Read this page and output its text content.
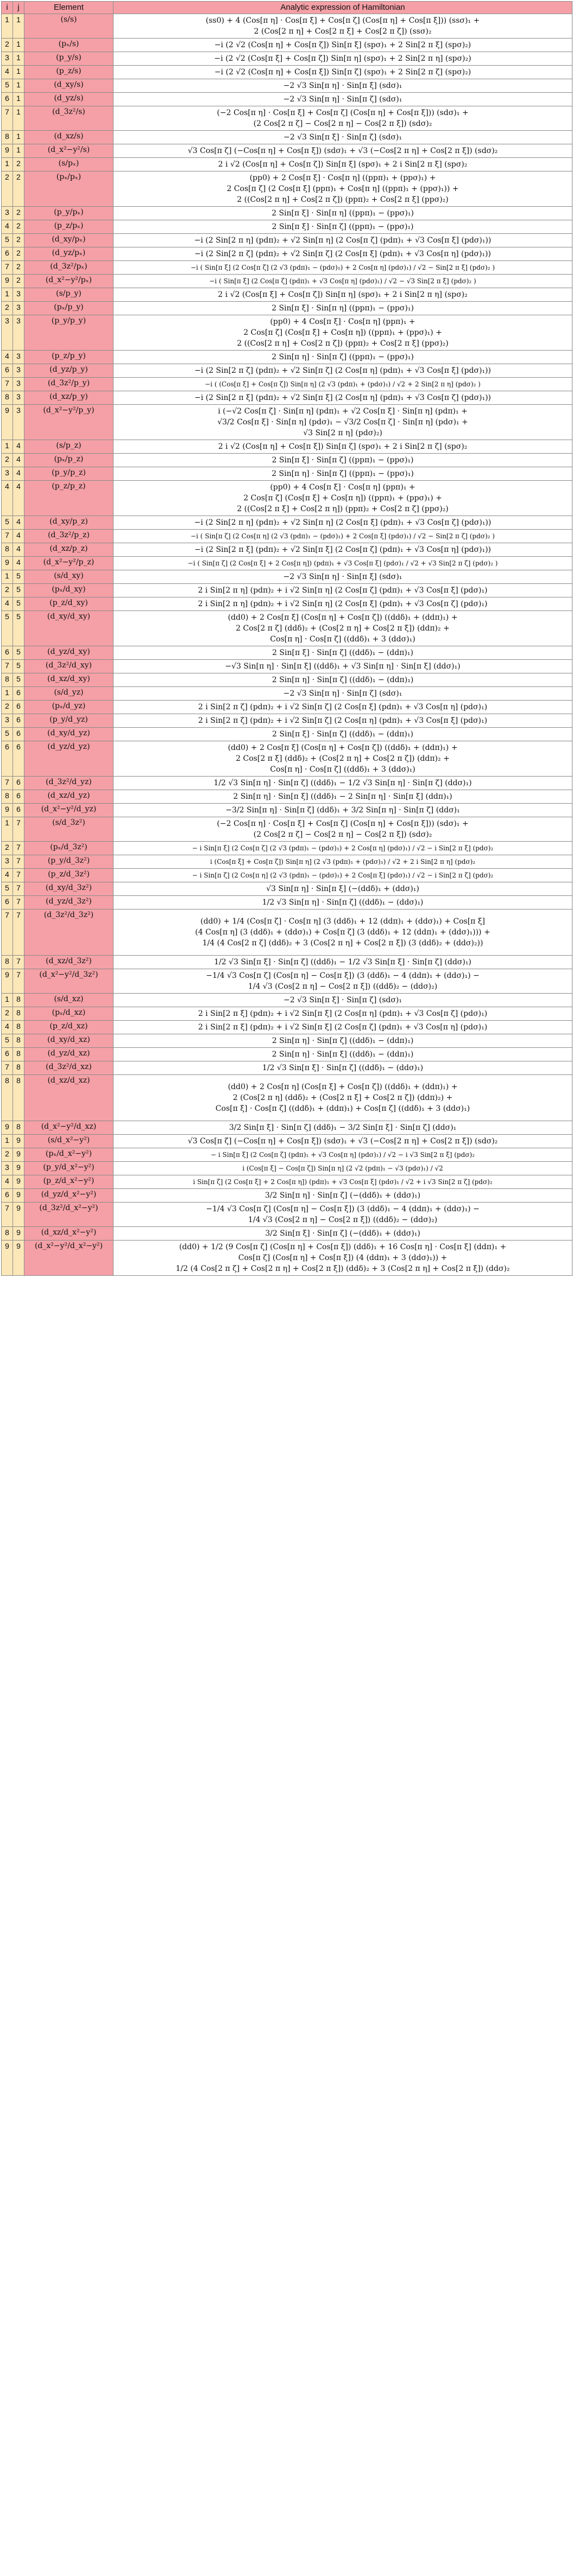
i	j	Element	Analytic expression of Hamiltonian
1	1	(s/s)	(ss0) + 4 (Cos[π η] · Cos[π ξ] + Cos[π ζ] (Cos[π η] + Cos[π ξ])) (ssσ)₁ +
2 (Cos[2 π η] + Cos[2 π ξ] + Cos[2 π ζ]) (ssσ)₂
2	1	(pₓ/s)	−i (2 √2 (Cos[π η] + Cos[π ζ]) Sin[π ξ] (spσ)₁ + 2 Sin[2 π ξ] (spσ)₂)
3	1	(p_y/s)	−i (2 √2 (Cos[π ξ] + Cos[π ζ]) Sin[π η] (spσ)₁ + 2 Sin[2 π η] (spσ)₂)
4	1	(p_z/s)	−i (2 √2 (Cos[π η] + Cos[π ξ]) Sin[π ζ] (spσ)₁ + 2 Sin[2 π ζ] (spσ)₂)
5	1	(d_xy/s)	−2 √3 Sin[π η] · Sin[π ξ] (sdσ)₁
6	1	(d_yz/s)	−2 √3 Sin[π η] · Sin[π ζ] (sdσ)₁
7	1	(d_3z²/s)	(−2 Cos[π η] · Cos[π ξ] + Cos[π ζ] (Cos[π η] + Cos[π ξ])) (sdσ)₁ +
(2 Cos[2 π ζ] − Cos[2 π η] − Cos[2 π ξ]) (sdσ)₂
8	1	(d_xz/s)	−2 √3 Sin[π ξ] · Sin[π ζ] (sdσ)₁
9	1	(d_x²−y²/s)	√3 Cos[π ζ] (−Cos[π η] + Cos[π ξ]) (sdσ)₁ + √3 (−Cos[2 π η] + Cos[2 π ξ]) (sdσ)₂
1	2	(s/pₓ)	2 i √2 (Cos[π η] + Cos[π ζ]) Sin[π ξ] (spσ)₁ + 2 i Sin[2 π ξ] (spσ)₂
2	2	(pₓ/pₓ)	(pp0) + 2 Cos[π ξ] · Cos[π η] ((ppπ)₁ + (ppσ)₁) +
2 Cos[π ζ] (2 Cos[π ξ] (ppπ)₁ + Cos[π η] ((ppπ)₁ + (ppσ)₁)) +
2 ((Cos[2 π η] + Cos[2 π ζ]) (ppπ)₂ + Cos[2 π ξ] (ppσ)₂)
3	2	(p_y/pₓ)	2 Sin[π ξ] · Sin[π η] ((ppπ)₁ − (ppσ)₁)
4	2	(p_z/pₓ)	2 Sin[π ξ] · Sin[π ζ] ((ppπ)₁ − (ppσ)₁)
5	2	(d_xy/pₓ)	−i (2 Sin[2 π η] (pdπ)₂ + √2 Sin[π η] (2 Cos[π ζ] (pdπ)₁ + √3 Cos[π ξ] (pdσ)₁))
6	2	(d_yz/pₓ)	−i (2 Sin[2 π ζ] (pdπ)₂ + √2 Sin[π ζ] (2 Cos[π ξ] (pdπ)₁ + √3 Cos[π η] (pdσ)₁))
7	2	(d_3z²/pₓ)	−i ( Sin[π ξ] (2 Cos[π ζ] (2 √3 (pdπ)₁ − (pdσ)₁) + 2 Cos[π η] (pdσ)₁) / √2 − Sin[2 π ξ] (pdσ)₂ )
9	2	(d_x²−y²/pₓ)	−i ( Sin[π ξ] (2 Cos[π ζ] (pdπ)₁ + √3 Cos[π η] (pdσ)₁) / √2 − √3 Sin[2 π ξ] (pdσ)₂ )
1	3	(s/p_y)	2 i √2 (Cos[π ξ] + Cos[π ζ]) Sin[π η] (spσ)₁ + 2 i Sin[2 π η] (spσ)₂
2	3	(pₓ/p_y)	2 Sin[π ξ] · Sin[π η] ((ppπ)₁ − (ppσ)₁)
3	3	(p_y/p_y)	(pp0) + 4 Cos[π ξ] · Cos[π η] (ppπ)₁ +
2 Cos[π ζ] (Cos[π ξ] + Cos[π η]) ((ppπ)₁ + (ppσ)₁) +
2 ((Cos[2 π η] + Cos[2 π ζ]) (ppπ)₂ + Cos[2 π ξ] (ppσ)₂)
4	3	(p_z/p_y)	2 Sin[π η] · Sin[π ζ] ((ppπ)₁ − (ppσ)₁)
6	3	(d_yz/p_y)	−i (2 Sin[2 π ζ] (pdπ)₂ + √2 Sin[π ζ] (2 Cos[π η] (pdπ)₁ + √3 Cos[π ξ] (pdσ)₁))
7	3	(d_3z²/p_y)	−i ( (Cos[π ξ] + Cos[π ζ]) Sin[π η] (2 √3 (pdπ)₁ + (pdσ)₁) / √2 + 2 Sin[2 π η] (pdσ)₂ )
8	3	(d_xz/p_y)	−i (2 Sin[2 π ξ] (pdπ)₂ + √2 Sin[π ξ] (2 Cos[π η] (pdπ)₁ + √3 Cos[π ζ] (pdσ)₁))
9	3	(d_x²−y²/p_y)	i (−√2 Cos[π ζ] · Sin[π η] (pdπ)₁ + √2 Cos[π ξ] · Sin[π η] (pdπ)₁ +
√3/2 Cos[π ξ] · Sin[π η] (pdσ)₁ − √3/2 Cos[π ζ] · Sin[π η] (pdσ)₁ +
√3 Sin[2 π η] (pdσ)₂)
1	4	(s/p_z)	2 i √2 (Cos[π η] + Cos[π ξ]) Sin[π ζ] (spσ)₁ + 2 i Sin[2 π ζ] (spσ)₂
2	4	(pₓ/p_z)	2 Sin[π ξ] · Sin[π ζ] ((ppπ)₁ − (ppσ)₁)
3	4	(p_y/p_z)	2 Sin[π η] · Sin[π ζ] ((ppπ)₁ − (ppσ)₁)
4	4	(p_z/p_z)	(pp0) + 4 Cos[π ξ] · Cos[π η] (ppπ)₁ +
2 Cos[π ζ] (Cos[π ξ] + Cos[π η]) ((ppπ)₁ + (ppσ)₁) +
2 ((Cos[2 π ξ] + Cos[2 π η]) (ppπ)₂ + Cos[2 π ζ] (ppσ)₂)
5	4	(d_xy/p_z)	−i (2 Sin[2 π η] (pdπ)₂ + √2 Sin[π η] (2 Cos[π ξ] (pdπ)₁ + √3 Cos[π ζ] (pdσ)₁))
7	4	(d_3z²/p_z)	−i ( Sin[π ζ] (2 Cos[π η] (2 √3 (pdπ)₁ − (pdσ)₁) + 2 Cos[π ξ] (pdσ)₁) / √2 − Sin[2 π ζ] (pdσ)₂ )
8	4	(d_xz/p_z)	−i (2 Sin[2 π ξ] (pdπ)₂ + √2 Sin[π ξ] (2 Cos[π ζ] (pdπ)₁ + √3 Cos[π η] (pdσ)₁))
9	4	(d_x²−y²/p_z)	−i ( Sin[π ζ] (2 Cos[π ξ] + 2 Cos[π η]) (pdπ)₁ + √3 Cos[π ξ] (pdσ)₁ / √2 + √3 Sin[2 π ζ] (pdσ)₂ )
1	5	(s/d_xy)	−2 √3 Sin[π η] · Sin[π ξ] (sdσ)₁
2	5	(pₓ/d_xy)	2 i Sin[2 π η] (pdπ)₂ + i √2 Sin[π η] (2 Cos[π ζ] (pdπ)₁ + √3 Cos[π ξ] (pdσ)₁)
4	5	(p_z/d_xy)	2 i Sin[2 π η] (pdπ)₂ + i √2 Sin[π η] (2 Cos[π ξ] (pdπ)₁ + √3 Cos[π ζ] (pdσ)₁)
5	5	(d_xy/d_xy)	(dd0) + 2 Cos[π ξ] (Cos[π η] + Cos[π ζ]) ((ddδ)₁ + (ddπ)₁) +
2 Cos[2 π ζ] (ddδ)₂ + (Cos[2 π η] + Cos[2 π ξ]) (ddπ)₂ +
Cos[π η] · Cos[π ζ] ((ddδ)₁ + 3 (ddσ)₁)
6	5	(d_yz/d_xy)	2 Sin[π ξ] · Sin[π ζ] ((ddδ)₁ − (ddπ)₁)
7	5	(d_3z²/d_xy)	−√3 Sin[π η] · Sin[π ξ] ((ddδ)₁ + √3 Sin[π η] · Sin[π ξ] (ddσ)₁)
8	5	(d_xz/d_xy)	2 Sin[π η] · Sin[π ζ] ((ddδ)₁ − (ddπ)₁)
1	6	(s/d_yz)	−2 √3 Sin[π η] · Sin[π ζ] (sdσ)₁
2	6	(pₓ/d_yz)	2 i Sin[2 π ζ] (pdπ)₂ + i √2 Sin[π ζ] (2 Cos[π ξ] (pdπ)₁ + √3 Cos[π η] (pdσ)₁)
3	6	(p_y/d_yz)	2 i Sin[2 π ζ] (pdπ)₂ + i √2 Sin[π ζ] (2 Cos[π η] (pdπ)₁ + √3 Cos[π ξ] (pdσ)₁)
5	6	(d_xy/d_yz)	2 Sin[π ξ] · Sin[π ζ] ((ddδ)₁ − (ddπ)₁)
6	6	(d_yz/d_yz)	(dd0) + 2 Cos[π ξ] (Cos[π η] + Cos[π ζ]) ((ddδ)₁ + (ddπ)₁) +
2 Cos[2 π ξ] (ddδ)₂ + (Cos[2 π η] + Cos[2 π ζ]) (ddπ)₂ +
Cos[π η] · Cos[π ζ] ((ddδ)₁ + 3 (ddσ)₁)
7	6	(d_3z²/d_yz)	1/2 √3 Sin[π η] · Sin[π ζ] ((ddδ)₁ − 1/2 √3 Sin[π η] · Sin[π ζ] (ddσ)₁)
8	6	(d_xz/d_yz)	2 Sin[π η] · Sin[π ξ] ((ddδ)₁ − 2 Sin[π η] · Sin[π ξ] (ddπ)₁)
9	6	(d_x²−y²/d_yz)	−3/2 Sin[π η] · Sin[π ζ] (ddδ)₁ + 3/2 Sin[π η] · Sin[π ζ] (ddσ)₁
1	7	(s/d_3z²)	(−2 Cos[π η] · Cos[π ξ] + Cos[π ζ] (Cos[π η] + Cos[π ξ])) (sdσ)₁ +
(2 Cos[2 π ζ] − Cos[2 π η] − Cos[2 π ξ]) (sdσ)₂
2	7	(pₓ/d_3z²)	− i Sin[π ξ] (2 Cos[π ζ] (2 √3 (pdπ)₁ − (pdσ)₁) + 2 Cos[π η] (pdσ)₁) / √2 − i Sin[2 π ξ] (pdσ)₂
3	7	(p_y/d_3z²)	i (Cos[π ξ] + Cos[π ζ]) Sin[π η] (2 √3 (pdπ)₁ + (pdσ)₁) / √2 + 2 i Sin[2 π η] (pdσ)₂
4	7	(p_z/d_3z²)	− i Sin[π ζ] (2 Cos[π η] (2 √3 (pdπ)₁ − (pdσ)₁) + 2 Cos[π ξ] (pdσ)₁) / √2 − i Sin[2 π ζ] (pdσ)₂
5	7	(d_xy/d_3z²)	√3 Sin[π η] · Sin[π ξ] (−(ddδ)₁ + (ddσ)₁)
6	7	(d_yz/d_3z²)	1/2 √3 Sin[π η] · Sin[π ζ] ((ddδ)₁ − (ddσ)₁)
7	7	(d_3z²/d_3z²)	(dd0) + 1/4 (Cos[π ζ] · Cos[π η] (3 (ddδ)₁ + 12 (ddπ)₁ + (ddσ)₁) + Cos[π ξ]
(4 Cos[π η] (3 (ddδ)₁ + (ddσ)₁) + Cos[π ζ] (3 (ddδ)₁ + 12 (ddπ)₁ + (ddσ)₁))) +
1/4 (4 Cos[2 π ζ] (ddδ)₂ + 3 (Cos[2 π η] + Cos[2 π ξ]) (3 (ddδ)₂ + (ddσ)₂))
8	7	(d_xz/d_3z²)	1/2 √3 Sin[π ξ] · Sin[π ζ] ((ddδ)₁ − 1/2 √3 Sin[π ξ] · Sin[π ζ] (ddσ)₁)
9	7	(d_x²−y²/d_3z²)	−1/4 √3 Cos[π ζ] (Cos[π η] − Cos[π ξ]) (3 (ddδ)₁ − 4 (ddπ)₁ + (ddσ)₁) −
1/4 √3 (Cos[2 π η] − Cos[2 π ξ]) ((ddδ)₂ − (ddσ)₂)
1	8	(s/d_xz)	−2 √3 Sin[π ξ] · Sin[π ζ] (sdσ)₁
2	8	(pₓ/d_xz)	2 i Sin[2 π ξ] (pdπ)₂ + i √2 Sin[π ξ] (2 Cos[π η] (pdπ)₁ + √3 Cos[π ζ] (pdσ)₁)
4	8	(p_z/d_xz)	2 i Sin[2 π ξ] (pdπ)₂ + i √2 Sin[π ξ] (2 Cos[π ζ] (pdπ)₁ + √3 Cos[π η] (pdσ)₁)
5	8	(d_xy/d_xz)	2 Sin[π η] · Sin[π ζ] ((ddδ)₁ − (ddπ)₁)
6	8	(d_yz/d_xz)	2 Sin[π η] · Sin[π ξ] ((ddδ)₁ − (ddπ)₁)
7	8	(d_3z²/d_xz)	1/2 √3 Sin[π ξ] · Sin[π ζ] ((ddδ)₁ − (ddσ)₁)
8	8	(d_xz/d_xz)	(dd0) + 2 Cos[π η] (Cos[π ξ] + Cos[π ζ]) ((ddδ)₁ + (ddπ)₁) +
2 (Cos[2 π η] (ddδ)₂ + (Cos[2 π ξ] + Cos[2 π ζ]) (ddπ)₂) +
Cos[π ξ] · Cos[π ζ] ((ddδ)₁ + (ddπ)₁) + Cos[π ζ] ((ddδ)₁ + 3 (ddσ)₁)
9	8	(d_x²−y²/d_xz)	3/2 Sin[π ξ] · Sin[π ζ] (ddδ)₁ − 3/2 Sin[π ξ] · Sin[π ζ] (ddσ)₁
1	9	(s/d_x²−y²)	√3 Cos[π ζ] (−Cos[π η] + Cos[π ξ]) (sdσ)₁ + √3 (−Cos[2 π η] + Cos[2 π ξ]) (sdσ)₂
2	9	(pₓ/d_x²−y²)	− i Sin[π ξ] (2 Cos[π ζ] (pdπ)₁ + √3 Cos[π η] (pdσ)₁) / √2 − i √3 Sin[2 π ξ] (pdσ)₂
3	9	(p_y/d_x²−y²)	i (Cos[π ξ] − Cos[π ζ]) Sin[π η] (2 √2 (pdπ)₁ − √3 (pdσ)₁) / √2
4	9	(p_z/d_x²−y²)	i Sin[π ζ] (2 Cos[π ξ] + 2 Cos[π η]) (pdπ)₁ + √3 Cos[π ξ] (pdσ)₁ / √2 + i √3 Sin[2 π ζ] (pdσ)₂
6	9	(d_yz/d_x²−y²)	3/2 Sin[π η] · Sin[π ζ] (−(ddδ)₁ + (ddσ)₁)
7	9	(d_3z²/d_x²−y²)	−1/4 √3 Cos[π ζ] (Cos[π η] − Cos[π ξ]) (3 (ddδ)₁ − 4 (ddπ)₁ + (ddσ)₁) −
1/4 √3 (Cos[2 π η] − Cos[2 π ξ]) ((ddδ)₂ − (ddσ)₂)
8	9	(d_xz/d_x²−y²)	3/2 Sin[π ξ] · Sin[π ζ] (−(ddδ)₁ + (ddσ)₁)
9	9	(d_x²−y²/d_x²−y²)	(dd0) + 1/2 (9 Cos[π ζ] (Cos[π η] + Cos[π ξ]) (ddδ)₁ + 16 Cos[π η] · Cos[π ξ] (ddπ)₁ +
Cos[π ζ] (Cos[π η] + Cos[π ξ]) (4 (ddπ)₁ + 3 (ddσ)₁)) +
1/2 (4 Cos[2 π ζ] + Cos[2 π η] + Cos[2 π ξ]) (ddδ)₂ + 3 (Cos[2 π η] + Cos[2 π ξ]) (ddσ)₂
